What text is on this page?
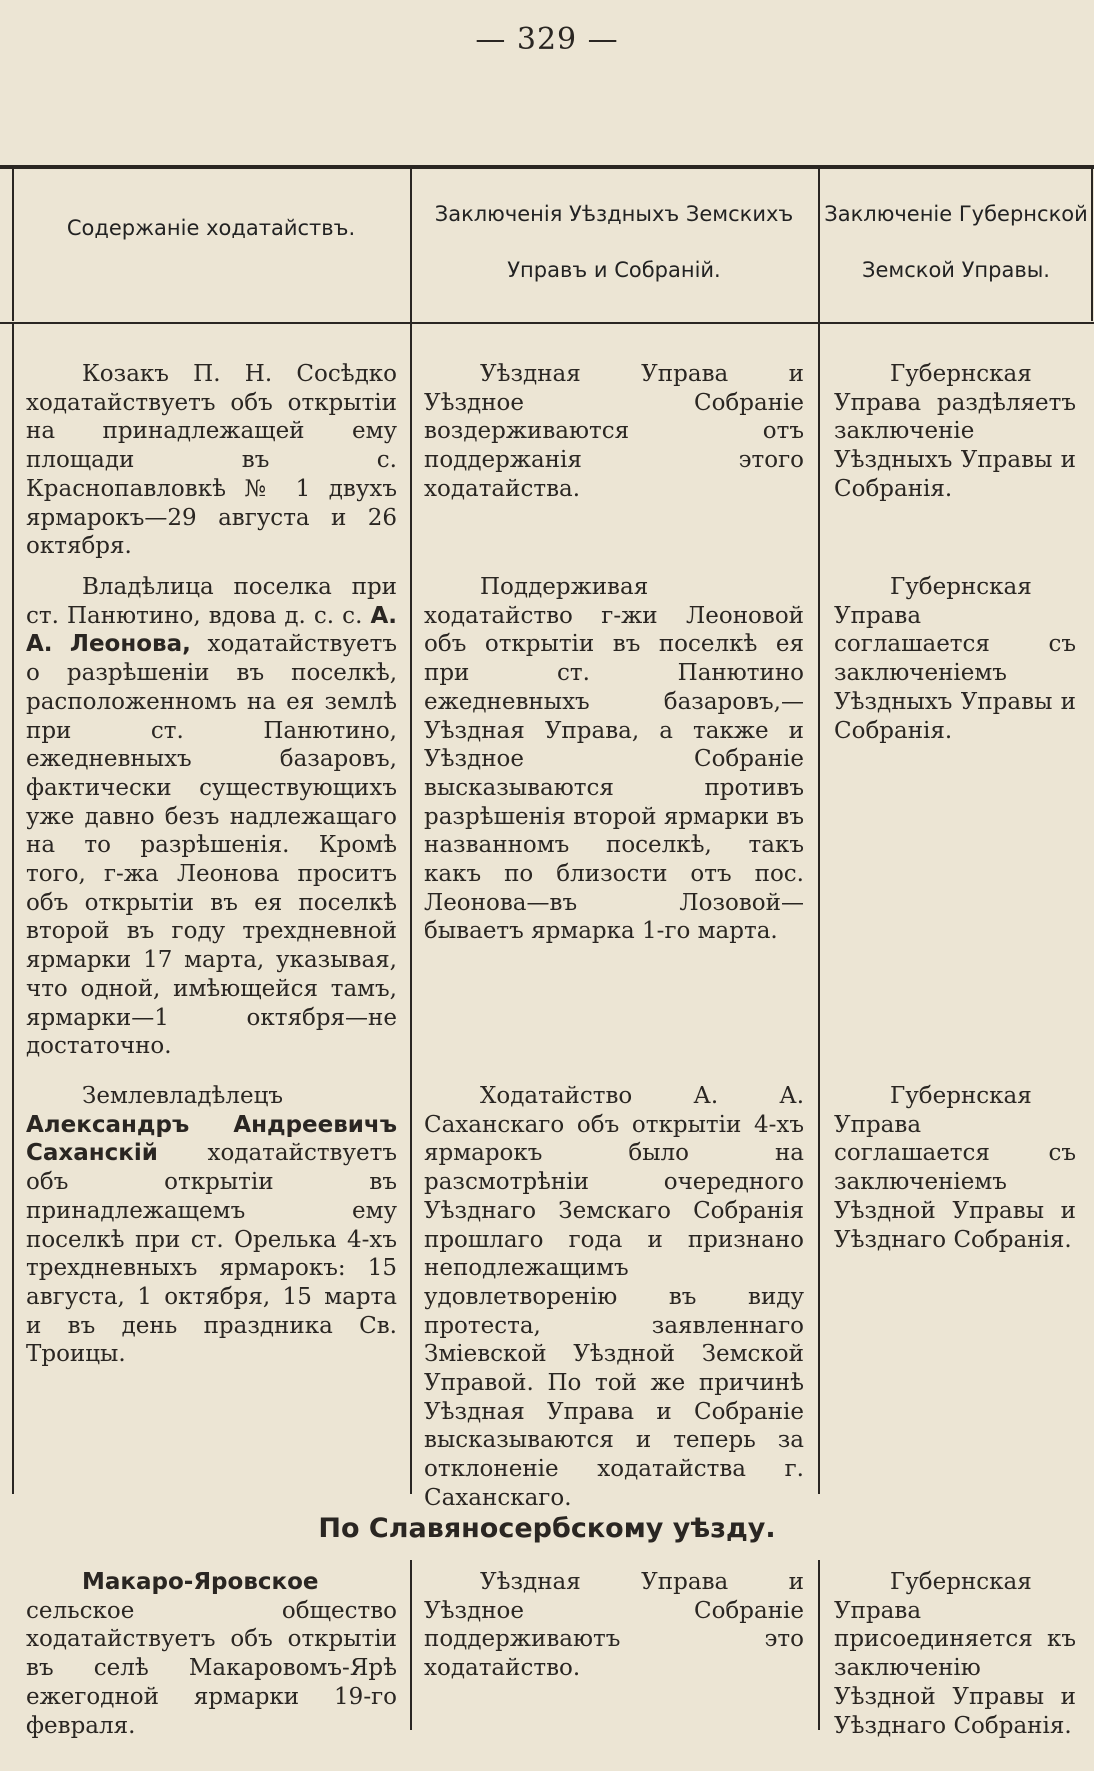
— 329 —
Содержаніе ходатайствъ.
Заключенія Уѣздныхъ Земскихъ Управъ и Собраній.
Заключеніе Губернской Земской Управы.

Козакъ П. Н. Сосѣдко ходатайствуетъ объ открытіи на принадлежащей ему площади въ с. Краснопавловкѣ № 1 двухъ ярмарокъ—29 августа и 26 октября.

Уѣздная Управа и Уѣздное Собраніе воздерживаются отъ поддержанія этого ходатайства.

Губернская Управа раздѣляетъ заключеніе Уѣздныхъ Управы и Собранія.

Владѣлица поселка при ст. Панютино, вдова д. с. с. А. А. Леонова, ходатайствуетъ о разрѣшеніи въ поселкѣ, расположенномъ на ея землѣ при ст. Панютино, ежедневныхъ базаровъ, фактически существующихъ уже давно безъ надлежащаго на то разрѣшенія. Кромѣ того, г-жа Леонова проситъ объ открытіи въ ея поселкѣ второй въ году трехдневной ярмарки 17 марта, указывая, что одной, имѣющейся тамъ, ярмарки—1 октября—не достаточно.

Поддерживая ходатайство г-жи Леоновой объ открытіи въ поселкѣ ея при ст. Панютино ежедневныхъ базаровъ,— Уѣздная Управа, а также и Уѣздное Собраніе высказываются противъ разрѣшенія второй ярмарки въ названномъ поселкѣ, такъ какъ по близости отъ пос. Леонова—въ Лозовой—бываетъ ярмарка 1-го марта.

Губернская Управа соглашается съ заключеніемъ Уѣздныхъ Управы и Собранія.

Землевладѣлецъ Александръ Андреевичъ Саханскій ходатайствуетъ объ открытіи въ принадлежащемъ ему поселкѣ при ст. Орелька 4-хъ трехдневныхъ ярмарокъ: 15 августа, 1 октября, 15 марта и въ день праздника Св. Троицы.

Ходатайство А. А. Саханскаго объ открытіи 4-хъ ярмарокъ было на разсмотрѣніи очередного Уѣзднаго Земскаго Собранія прошлаго года и признано неподлежащимъ удовлетворенію въ виду протеста, заявленнаго Зміевской Уѣздной Земской Управой. По той же причинѣ Уѣздная Управа и Собраніе высказываются и теперь за отклоненіе ходатайства г. Саханскаго.

Губернская Управа соглашается съ заключеніемъ Уѣздной Управы и Уѣзднаго Собранія.

По Славяносербскому уѣзду.

Макаро-Яровское сельское общество ходатайствуетъ объ открытіи въ селѣ Макаровомъ-Ярѣ ежегодной ярмарки 19-го февраля.

Уѣздная Управа и Уѣздное Собраніе поддерживаютъ это ходатайство.

Губернская Управа присоединяется къ заключенію Уѣздной Управы и Уѣзднаго Собранія.
